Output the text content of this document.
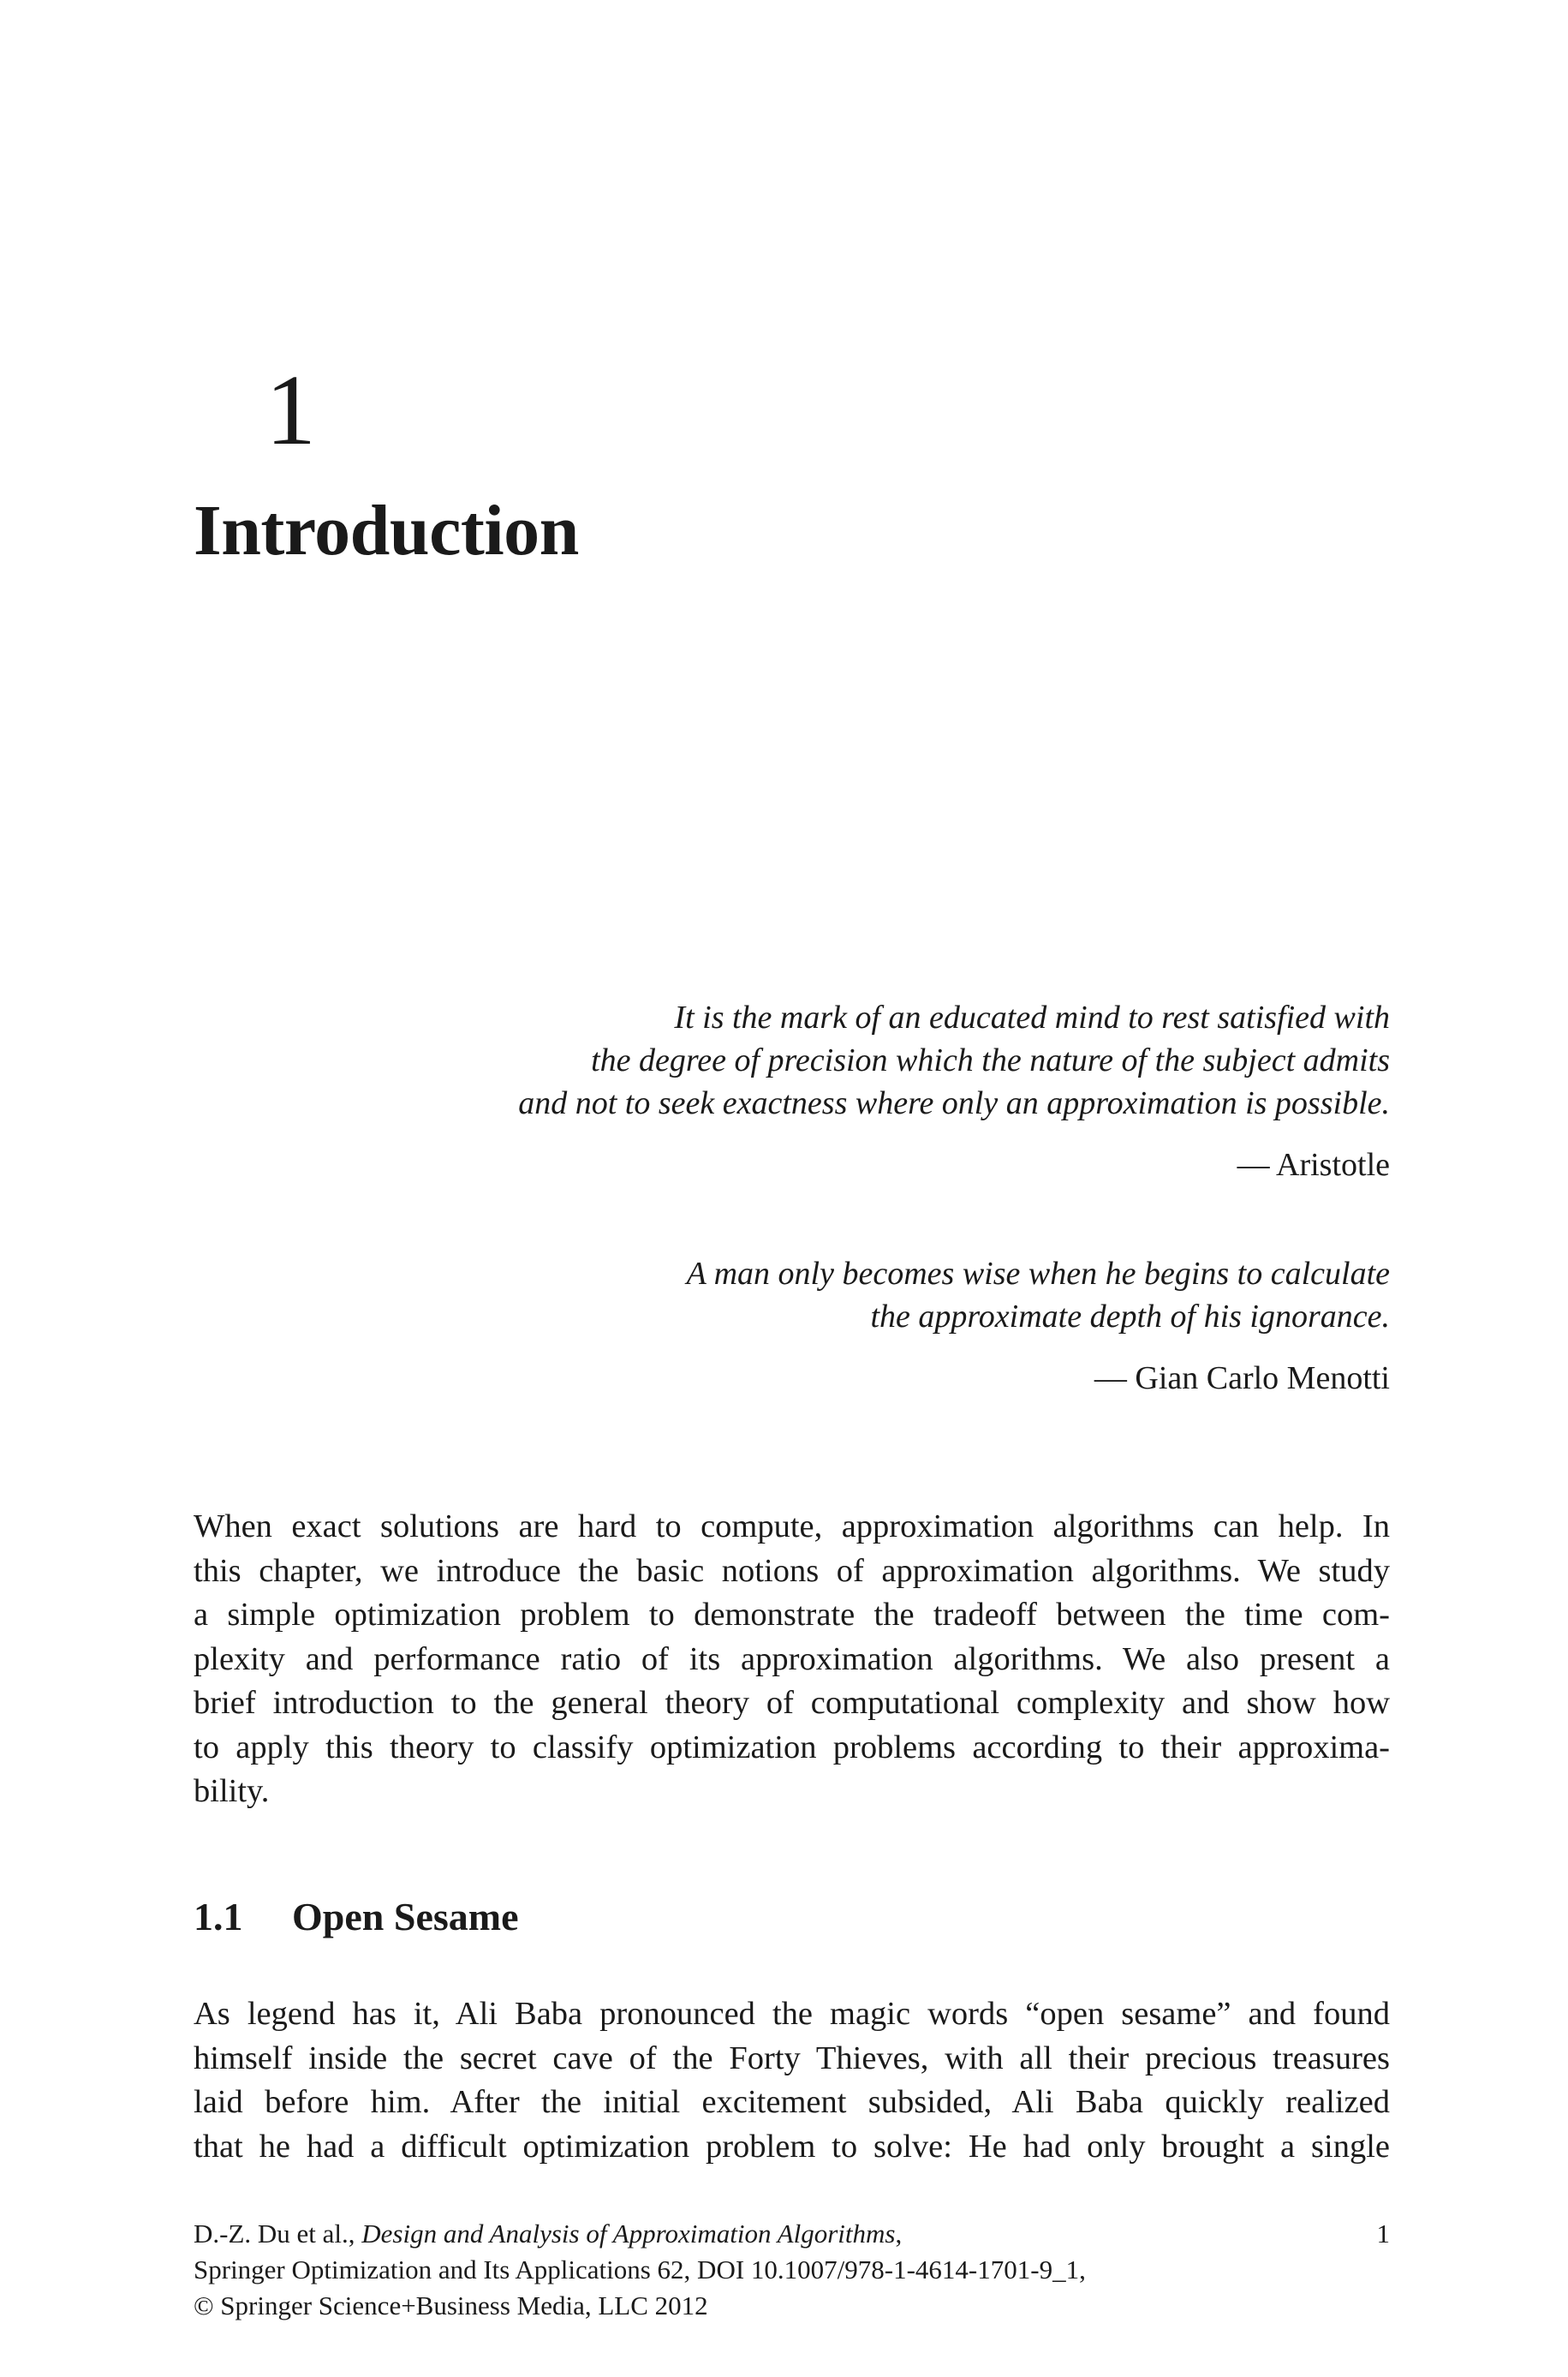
1
Introduction
It is the mark of an educated mind to rest satisfied with
the degree of precision which the nature of the subject admits
and not to seek exactness where only an approximation is possible.
— Aristotle
A man only becomes wise when he begins to calculate
the approximate depth of his ignorance.
— Gian Carlo Menotti
When exact solutions are hard to compute, approximation algorithms can help. In
this chapter, we introduce the basic notions of approximation algorithms. We study
a simple optimization problem to demonstrate the tradeoff between the time com-
plexity and performance ratio of its approximation algorithms. We also present a
brief introduction to the general theory of computational complexity and show how
to apply this theory to classify optimization problems according to their approxima-
bility.
1.1 Open Sesame
As legend has it, Ali Baba pronounced the magic words “open sesame” and found
himself inside the secret cave of the Forty Thieves, with all their precious treasures
laid before him. After the initial excitement subsided, Ali Baba quickly realized
that he had a difficult optimization problem to solve: He had only brought a single
D.-Z. Du et al., Design and Analysis of Approximation Algorithms,
Springer Optimization and Its Applications 62, DOI 10.1007/978-1-4614-1701-9_1,
© Springer Science+Business Media, LLC 2012
1
